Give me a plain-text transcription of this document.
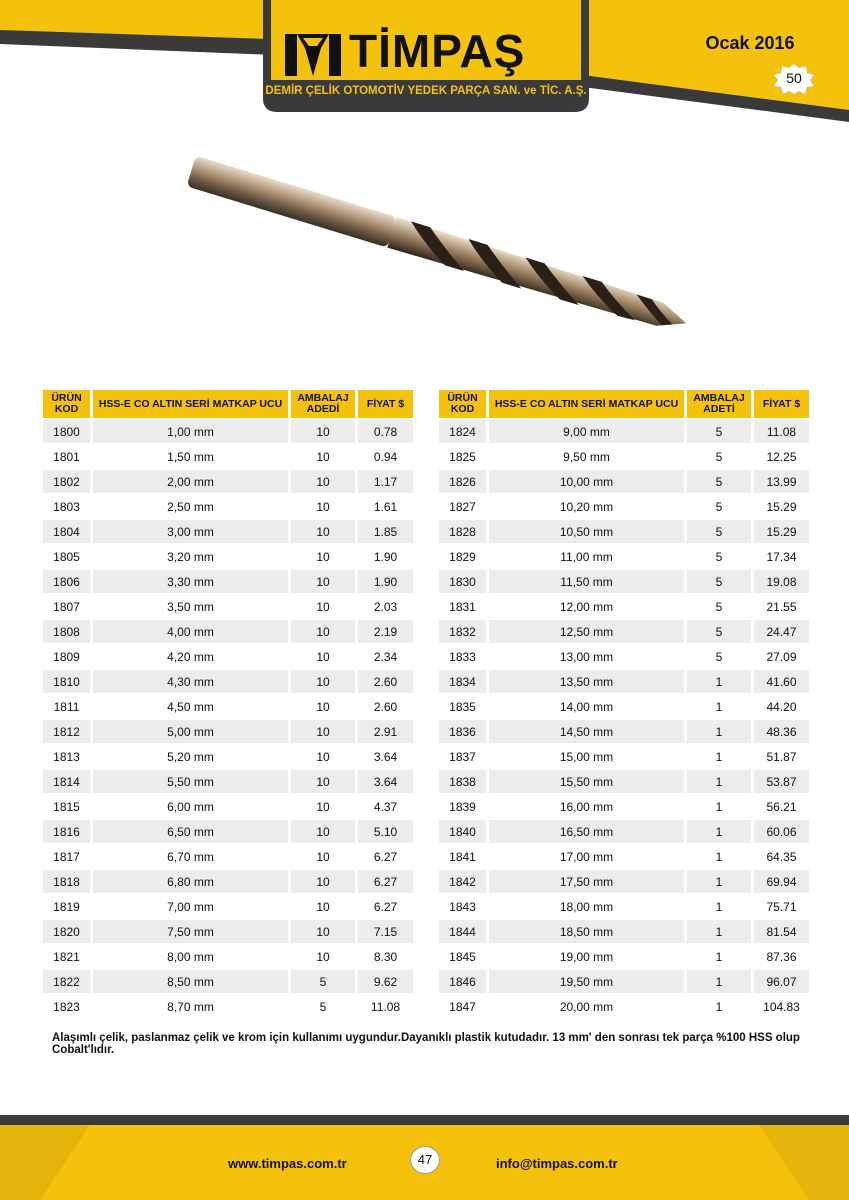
TİMPAŞ
DEMİR ÇELİK OTOMOTİV YEDEK PARÇA SAN. ve TİC. A.Ş.
Ocak 2016
50
ÜRÜN KOD	HSS-E CO ALTIN SERİ MATKAP UCU	AMBALAJ ADEDİ	FİYAT $
1800	1,00 mm	10	0.78
1801	1,50 mm	10	0.94
1802	2,00 mm	10	1.17
1803	2,50 mm	10	1.61
1804	3,00 mm	10	1.85
1805	3,20 mm	10	1.90
1806	3,30 mm	10	1.90
1807	3,50 mm	10	2.03
1808	4,00 mm	10	2.19
1809	4,20 mm	10	2.34
1810	4,30 mm	10	2.60
1811	4,50 mm	10	2.60
1812	5,00 mm	10	2.91
1813	5,20 mm	10	3.64
1814	5,50 mm	10	3.64
1815	6,00 mm	10	4.37
1816	6,50 mm	10	5.10
1817	6,70 mm	10	6.27
1818	6,80 mm	10	6.27
1819	7,00 mm	10	6.27
1820	7,50 mm	10	7.15
1821	8,00 mm	10	8.30
1822	8,50 mm	5	9.62
1823	8,70 mm	5	11.08
ÜRÜN KOD	HSS-E CO ALTIN SERİ MATKAP UCU	AMBALAJ ADETİ	FİYAT $
1824	9,00 mm	5	11.08
1825	9,50 mm	5	12.25
1826	10,00 mm	5	13.99
1827	10,20 mm	5	15.29
1828	10,50 mm	5	15.29
1829	11,00 mm	5	17.34
1830	11,50 mm	5	19.08
1831	12,00 mm	5	21.55
1832	12,50 mm	5	24.47
1833	13,00 mm	5	27.09
1834	13,50 mm	1	41.60
1835	14,00 mm	1	44.20
1836	14,50 mm	1	48.36
1837	15,00 mm	1	51.87
1838	15,50 mm	1	53.87
1839	16,00 mm	1	56.21
1840	16,50 mm	1	60.06
1841	17,00 mm	1	64.35
1842	17,50 mm	1	69.94
1843	18,00 mm	1	75.71
1844	18,50 mm	1	81.54
1845	19,00 mm	1	87.36
1846	19,50 mm	1	96.07
1847	20,00 mm	1	104.83
Alaşımlı çelik, paslanmaz çelik ve krom için kullanımı uygundur.Dayanıklı plastik kutudadır. 13 mm' den sonrası tek parça %100 HSS olup Cobalt'lıdır.
www.timpas.com.tr	47	info@timpas.com.tr
